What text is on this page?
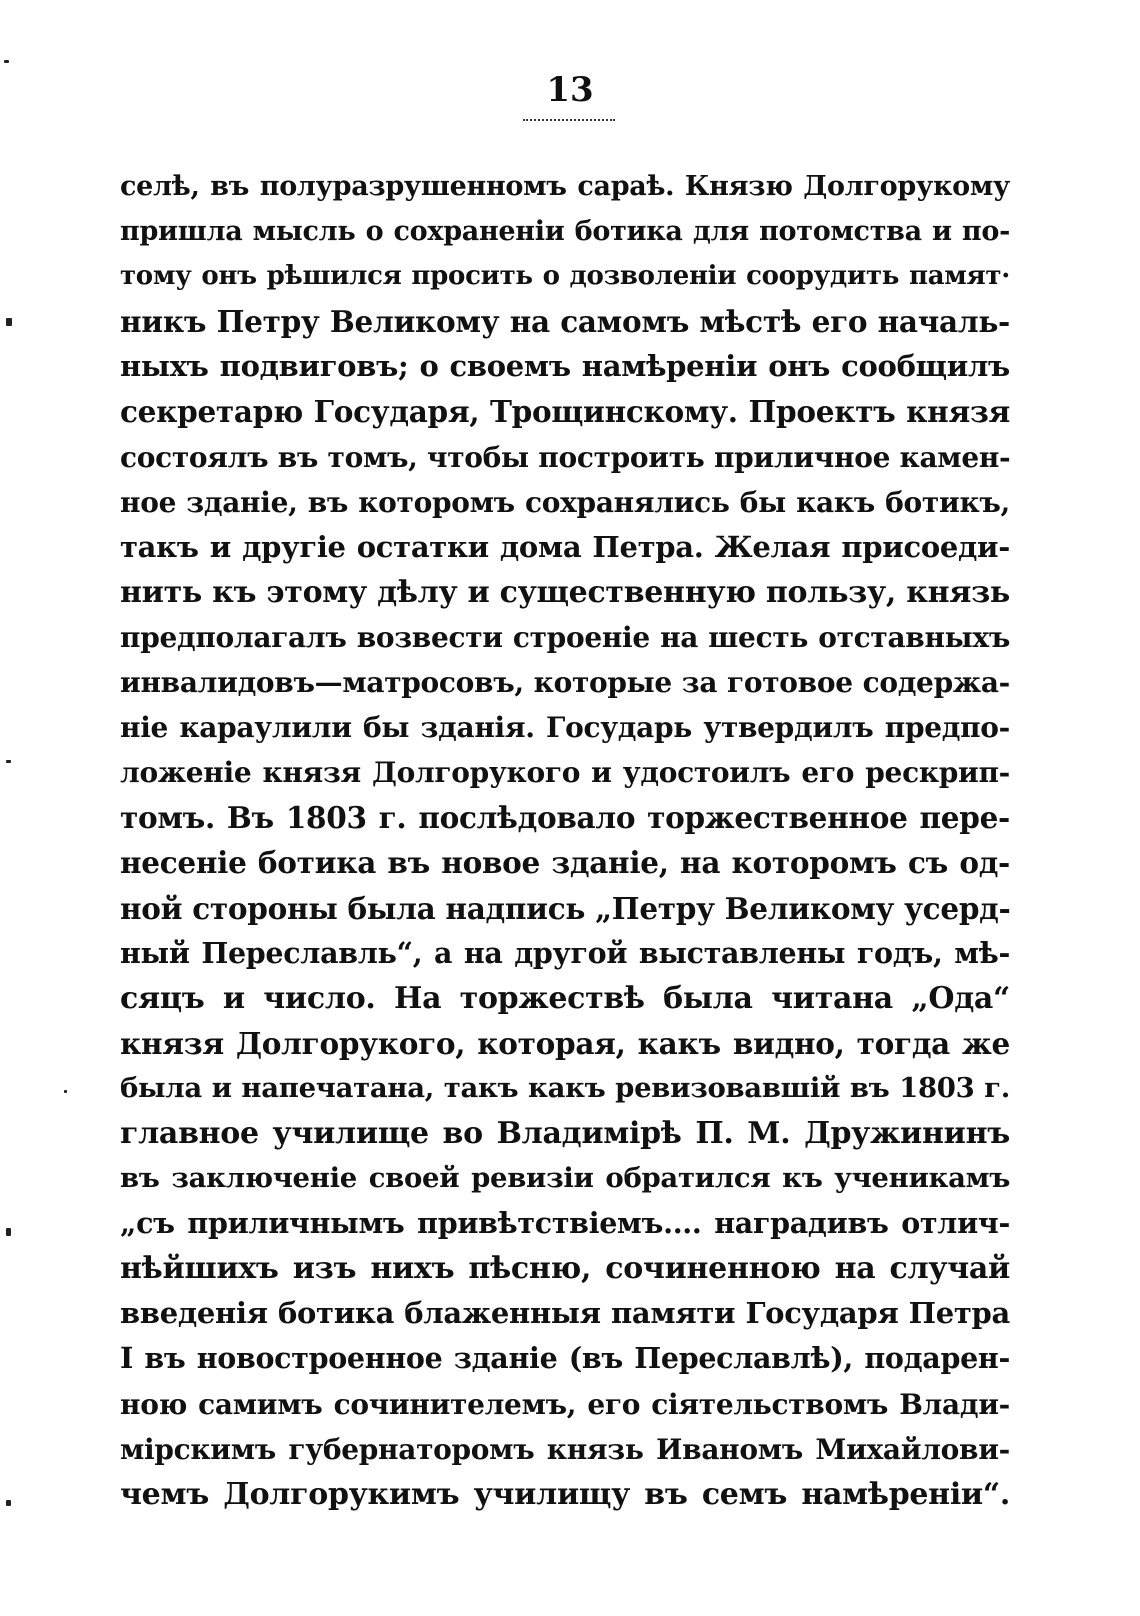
13
селѣ, въ полуразрушенномъ сараѣ. Князю Долгорукому
пришла мысль о сохраненіи ботика для потомства и по-
тому онъ рѣшился просить о дозволеніи соорудить памят·
никъ Петру Великому на самомъ мѣстѣ его началь-
ныхъ подвиговъ; о своемъ намѣреніи онъ сообщилъ
секретарю Государя, Трощинскому. Проектъ князя
состоялъ въ томъ, чтобы построить приличное камен-
ное зданіе, въ которомъ сохранялись бы какъ ботикъ,
такъ и другіе остатки дома Петра. Желая присоеди-
нить къ этому дѣлу и существенную пользу, князь
предполагалъ возвести строеніе на шесть отставныхъ
инвалидовъ—матросовъ, которые за готовое содержа-
ніе караулили бы зданія. Государь утвердилъ предпо-
ложеніе князя Долгорукого и удостоилъ его рескрип-
томъ. Въ 1803 г. послѣдовало торжественное пере-
несеніе ботика въ новое зданіе, на которомъ съ од-
ной стороны была надпись „Петру Великому усерд-
ный Переславль“, а на другой выставлены годъ, мѣ-
сяцъ и число. На торжествѣ была читана „Ода“
князя Долгорукого, которая, какъ видно, тогда же
была и напечатана, такъ какъ ревизовавшій въ 1803 г.
главное училище во Владимірѣ П. М. Дружининъ
въ заключеніе своей ревизіи обратился къ ученикамъ
„съ приличнымъ привѣтствіемъ.... наградивъ отлич-
нѣйшихъ изъ нихъ пѣсню, сочиненною на случай
введенія ботика блаженныя памяти Государя Петра
I въ новостроенное зданіе (въ Переславлѣ), подарен-
ною самимъ сочинителемъ, его сіятельствомъ Влади-
мірскимъ губернаторомъ князь Иваномъ Михайлови-
чемъ Долгорукимъ училищу въ семъ намѣреніи“.
